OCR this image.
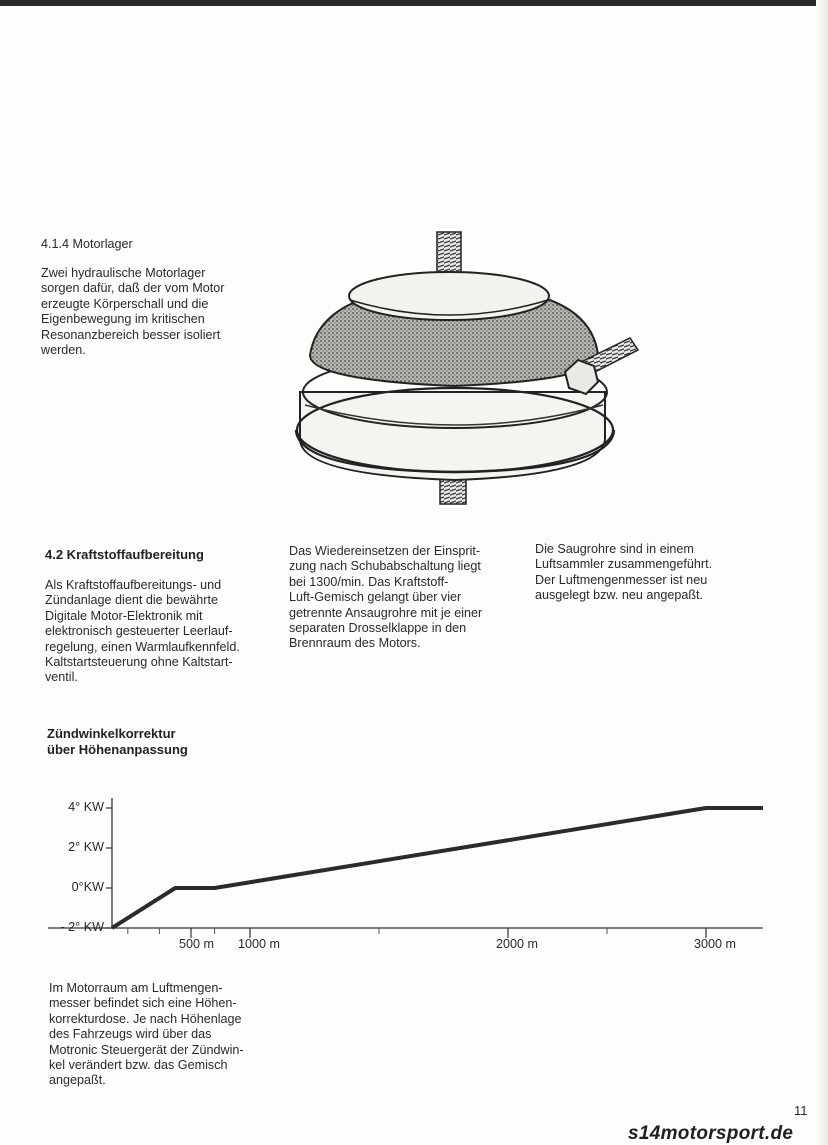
4.1.4 Motorlager
Zwei hydraulische Motorlager
sorgen dafür, daß der vom Motor
erzeugte Körperschall und die
Eigenbewegung im kritischen
Resonanzbereich besser isoliert
werden.
4.2 Kraftstoffaufbereitung
Als Kraftstoffaufbereitungs- und
Zündanlage dient die bewährte
Digitale Motor-Elektronik mit
elektronisch gesteuerter Leerlauf-
regelung, einen Warmlaufkennfeld.
Kaltstartsteuerung ohne Kaltstart-
ventil.
Das Wiedereinsetzen der Einsprit-
zung nach Schubabschaltung liegt
bei 1300/min. Das Kraftstoff-
Luft-Gemisch gelangt über vier
getrennte Ansaugrohre mit je einer
separaten Drosselklappe in den
Brennraum des Motors.
Die Saugrohre sind in einem
Luftsammler zusammengeführt.
Der Luftmengenmesser ist neu
ausgelegt bzw. neu angepaßt.
Zündwinkelkorrektur
über Höhenanpassung
- 2° KW
0°KW
2° KW
4° KW
500 m 1000 m	2000 m	3000 m
Im Motorraum am Luftmengen-
messer befindet sich eine Höhen-
korrekturdose. Je nach Höhenlage
des Fahrzeugs wird über das
Motronic Steuergerät der Zündwin-
kel verändert bzw. das Gemisch
angepaßt.
11
s14motorsport.de
